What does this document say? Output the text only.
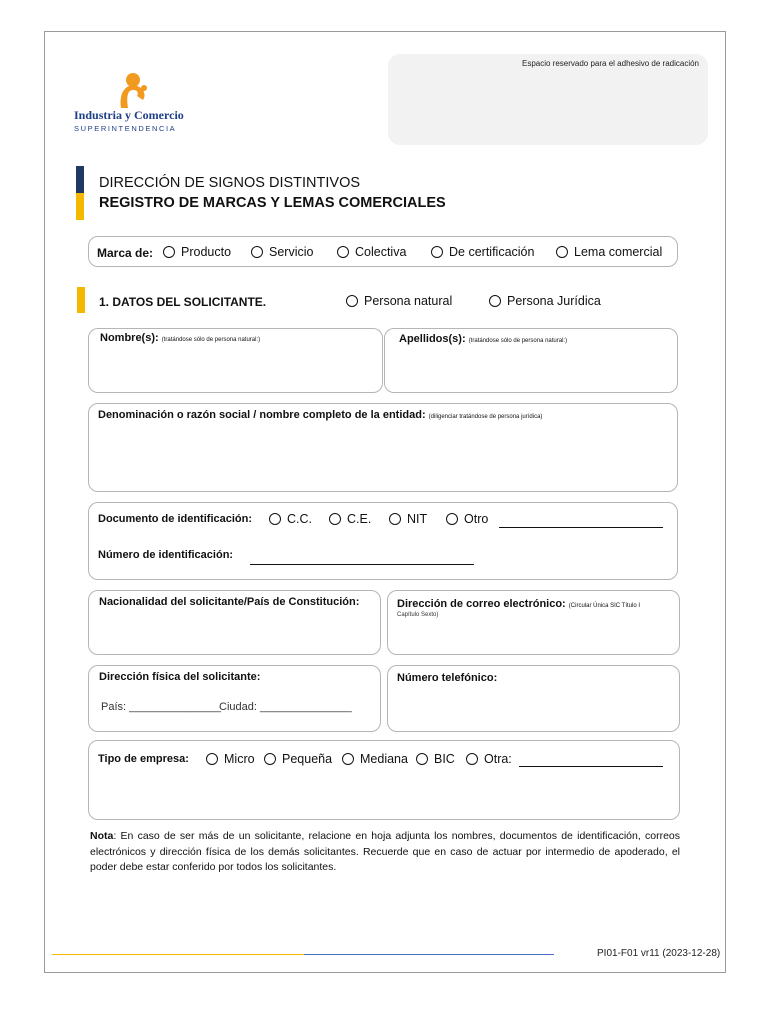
Industria y Comercio
SUPERINTENDENCIA
Espacio reservado para el adhesivo de radicación
DIRECCIÓN DE SIGNOS DISTINTIVOS
REGISTRO DE MARCAS Y LEMAS COMERCIALES
Marca de: Producto	Servicio	Colectiva	De certificación	Lema comercial
1. DATOS DEL SOLICITANTE.	Persona natural	Persona Jurídica
Nombre(s): (tratándose sólo de persona natural:)	Apellidos(s): (tratándose sólo de persona natural:)
Denominación o razón social / nombre completo de la entidad: (diligenciar tratándose de persona jurídica)
Documento de identificación:	C.C.	C.E.	NIT	Otro
Número de identificación:
Nacionalidad del solicitante/País de Constitución:	Dirección de correo electrónico: (Circular Única SIC Título I
Capítulo Sexto)
Dirección física del solicitante:
País: _______________
Ciudad: _______________
Número telefónico:
Tipo de empresa:	Micro Pequeña Mediana BIC Otra:
Nota: En caso de ser más de un solicitante, relacione en hoja adjunta los nombres, documentos de identificación, correos electrónicos y dirección física de los demás solicitantes. Recuerde que en caso de actuar por intermedio de apoderado, el poder debe estar conferido por todos los solicitantes.
PI01-F01 vr11 (2023-12-28)
